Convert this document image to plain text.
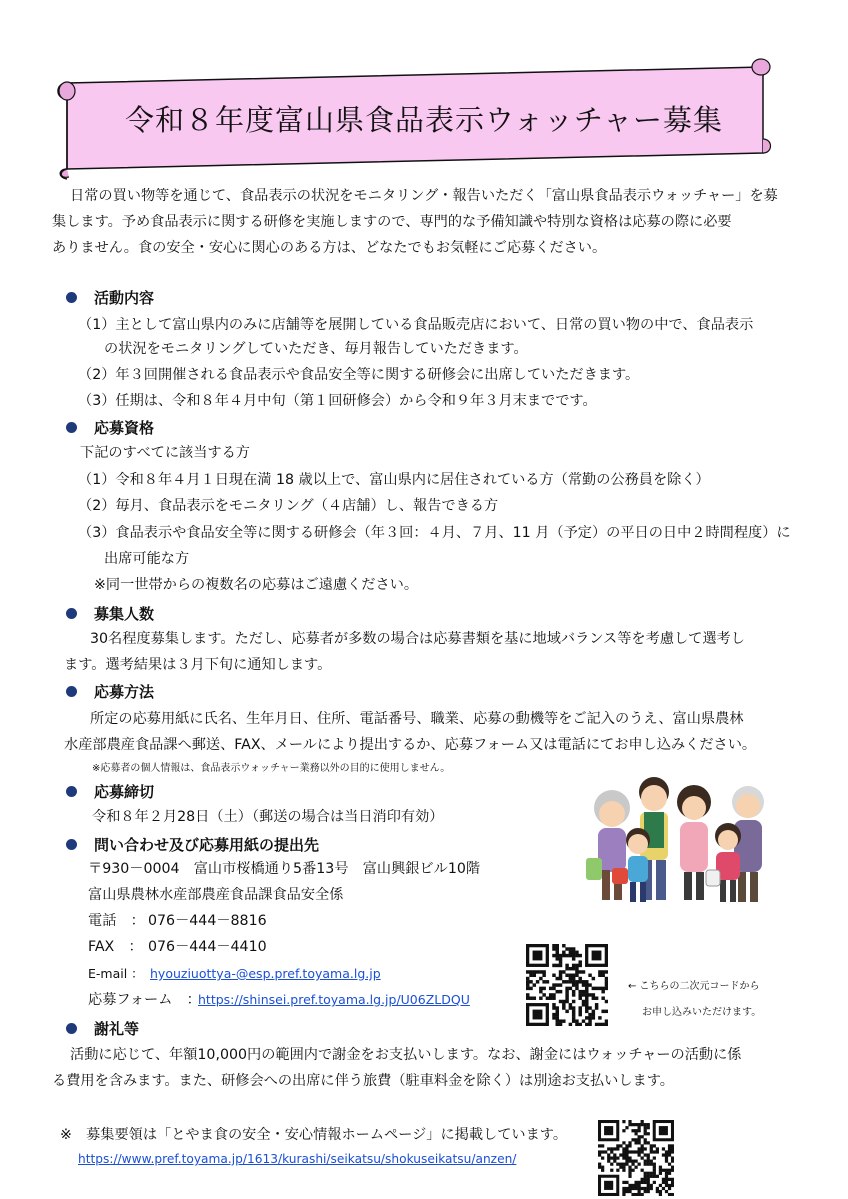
令和８年度富山県食品表示ウォッチャー募集
日常の買い物等を通じて、食品表示の状況をモニタリング・報告いただく「富山県食品表示ウォッチャー」を募
集します。予め食品表示に関する研修を実施しますので、専門的な予備知識や特別な資格は応募の際に必要
ありません。食の安全・安心に関心のある方は、どなたでもお気軽にご応募ください。
活動内容
（1）主として富山県内のみに店舗等を展開している食品販売店において、日常の買い物の中で、食品表示
の状況をモニタリングしていただき、毎月報告していただきます。
（2）年３回開催される食品表示や食品安全等に関する研修会に出席していただきます。
（3）任期は、令和８年４月中旬（第１回研修会）から令和９年３月末までです。
応募資格
下記のすべてに該当する方
（1）令和８年４月１日現在満 18 歳以上で、富山県内に居住されている方（常勤の公務員を除く）
（2）毎月、食品表示をモニタリング（４店舗）し、報告できる方
（3）食品表示や食品安全等に関する研修会（年３回：４月、７月、11 月（予定）の平日の日中２時間程度）に
出席可能な方
※同一世帯からの複数名の応募はご遠慮ください。
募集人数
30名程度募集します。ただし、応募者が多数の場合は応募書類を基に地域バランス等を考慮して選考し
ます。選考結果は３月下旬に通知します。
応募方法
所定の応募用紙に氏名、生年月日、住所、電話番号、職業、応募の動機等をご記入のうえ、富山県農林
水産部農産食品課へ郵送、FAX、メールにより提出するか、応募フォーム又は電話にてお申し込みください。
※応募者の個人情報は、食品表示ウォッチャー業務以外の目的に使用しません。
応募締切
令和８年２月28日（土）（郵送の場合は当日消印有効）
問い合わせ及び応募用紙の提出先
〒930－0004　富山市桜橋通り5番13号　富山興銀ビル10階
富山県農林水産部農産食品課食品安全係
電話　： 076－444－8816
FAX　： 076－444－4410
E-mail ： hyouziuottya-@esp.pref.toyama.lg.jp
応募フォーム　：
https://shinsei.pref.toyama.lg.jp/U06ZLDQU
← こちらの二次元コードから
お申し込みいただけます。
謝礼等
活動に応じて、年額10,000円の範囲内で謝金をお支払いします。なお、謝金にはウォッチャーの活動に係
る費用を含みます。また、研修会への出席に伴う旅費（駐車料金を除く）は別途お支払いします。
※　募集要領は「とやま食の安全・安心情報ホームページ」に掲載しています。
https://www.pref.toyama.jp/1613/kurashi/seikatsu/shokuseikatsu/anzen/
